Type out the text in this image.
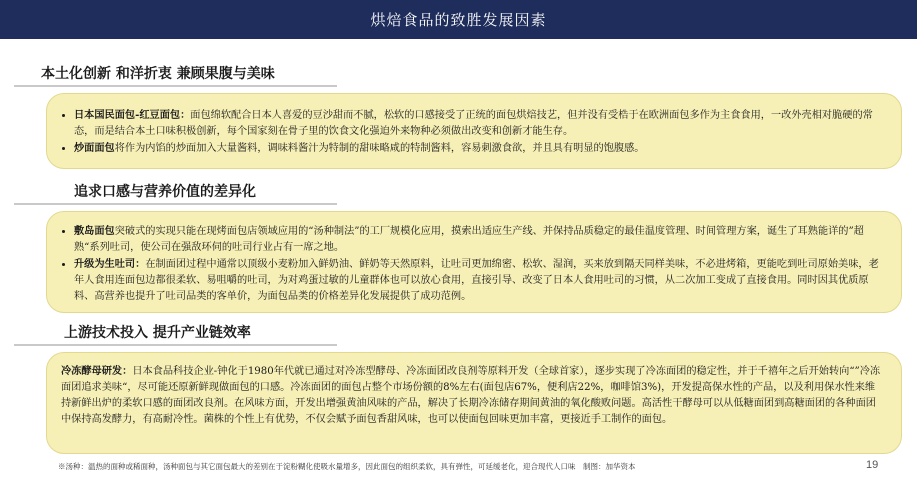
烘焙食品的致胜发展因素
本土化创新 和洋折衷 兼顾果腹与美味
• 日本国民面包-红豆面包：面包绵软配合日本人喜爱的豆沙甜而不腻，松软的口感接受了正统的面包烘焙技艺，但并没有受梏于在欧洲面包多作为主食食用，一改外壳相对脆硬的常态，而是结合本土口味积极创新，每个国家刻在骨子里的饮食文化强迫外来物种必须做出改变和创新才能生存。
• 炒面面包将作为内馅的炒面加入大量酱料，调味料酱汁为特制的甜味略咸的特制酱料，容易刺激食欲，并且具有明显的饱腹感。
追求口感与营养价值的差异化
• 敷岛面包突破式的实现只能在现烤面包店领域应用的“汤种制法”的工厂规模化应用，摸索出适应生产线、并保持品质稳定的最佳温度管理、时间管理方案，诞生了耳熟能详的”超熟“系列吐司，使公司在强敌环伺的吐司行业占有一席之地。
• 升级为生吐司：在制面团过程中通常以顶级小麦粉加入鲜奶油、鲜奶等天然原料，让吐司更加绵密、松软、湿润，买来放到隔天同样美味，不必进烤箱，更能吃到吐司原始美味，老年人食用连面包边都很柔软、易咀嚼的吐司，为对鸡蛋过敏的儿童群体也可以放心食用，直接引导、改变了日本人食用吐司的习惯，从二次加工变成了直接食用。同时因其优质原料、高营养也提升了吐司品类的客单价，为面包品类的价格差异化发展提供了成功范例。
上游技术投入 提升产业链效率
冷冻酵母研发：日本食品科技企业-钟化于1980年代就已通过对冷冻型酵母、冷冻面团改良剂等原料开发（全球首家），逐步实现了冷冻面团的稳定性，并于千禧年之后开始转向“”冷冻面团追求美味“，尽可能还原新鲜现做面包的口感。冷冻面团的面包占整个市场份额的8%左右(面包店67%，便利店22%，咖啡馆3%)，开发提高保水性的产品，以及利用保水性来维持新鲜出炉的柔软口感的面团改良剂。在风味方面，开发出增强黄油风味的产品，解决了长期冷冻储存期间黄油的氧化酸败问题。高活性干酵母可以从低糖面团到高糖面团的各种面团中保持高发酵力，有高耐冷性。菌株的个性上有优势，不仅会赋予面包香甜风味，也可以使面包回味更加丰富，更接近手工制作的面包。
※汤种：温热的面种或稀面种，汤种面包与其它面包最大的差别在于淀粉糊化使吸水量增多，因此面包的组织柔软，具有弹性，可延缓老化，迎合现代人口味　制图：加华资本	19
